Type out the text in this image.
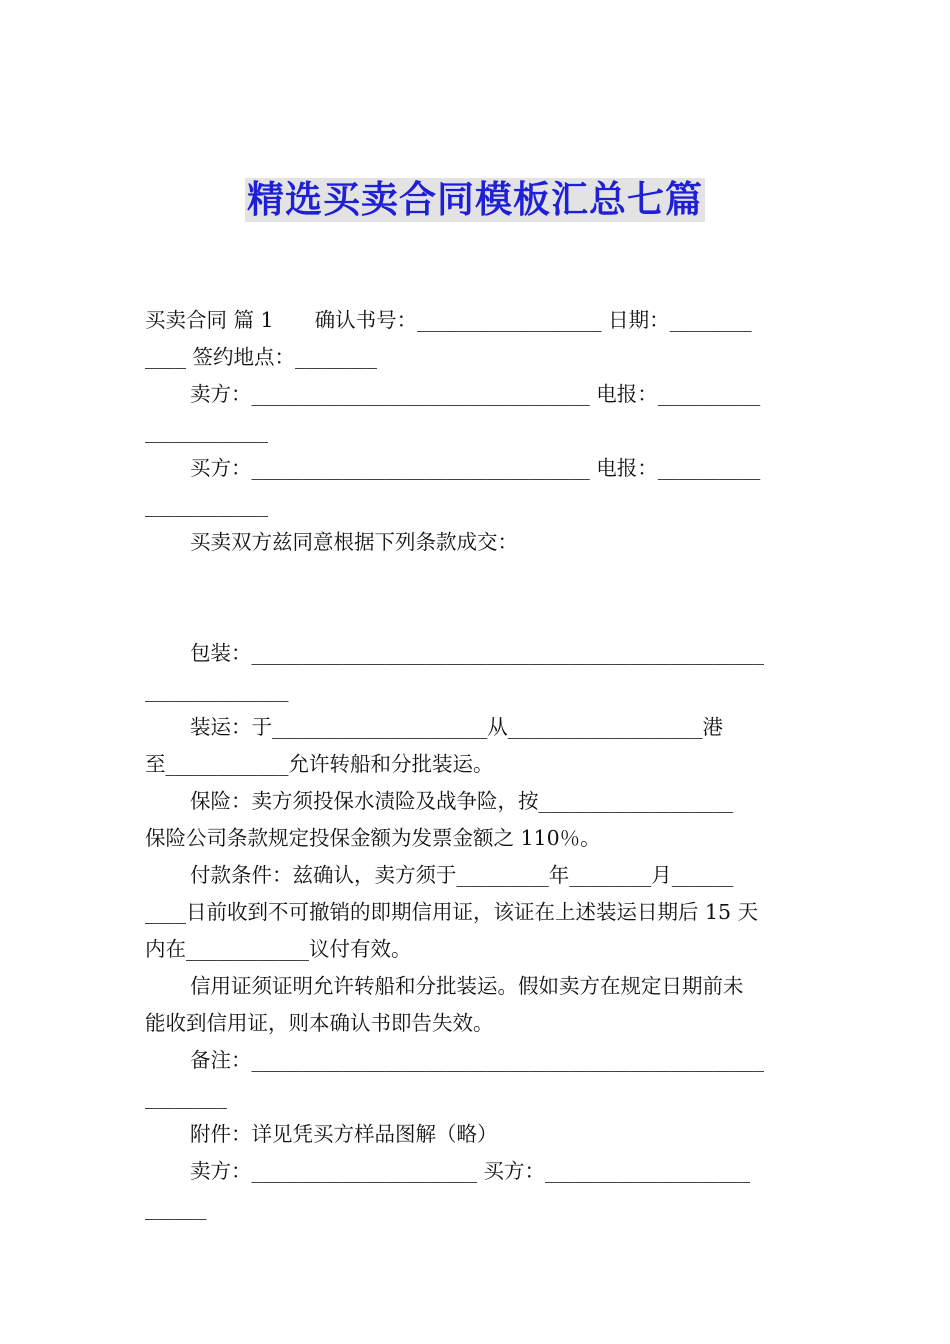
精选买卖合同模板汇总七篇

买卖合同 篇 1　　确认书号：__________________ 日期：________

____ 签约地点：________

卖方：_________________________________ 电报：__________

____________

买方：_________________________________ 电报：__________

____________

买卖双方兹同意根据下列条款成交：

包装：__________________________________________________

______________

装运：于_____________________从___________________港

至____________允许转船和分批装运。

保险：卖方须投保水渍险及战争险，按___________________

保险公司条款规定投保金额为发票金额之 110％。

付款条件：兹确认，卖方须于_________年________月______

____日前收到不可撤销的即期信用证，该证在上述装运日期后 15 天

内在____________议付有效。

信用证须证明允许转船和分批装运。假如卖方在规定日期前未

能收到信用证，则本确认书即告失效。

备注：__________________________________________________

________

附件：详见凭买方样品图解（略）

卖方：______________________ 买方：____________________

______
